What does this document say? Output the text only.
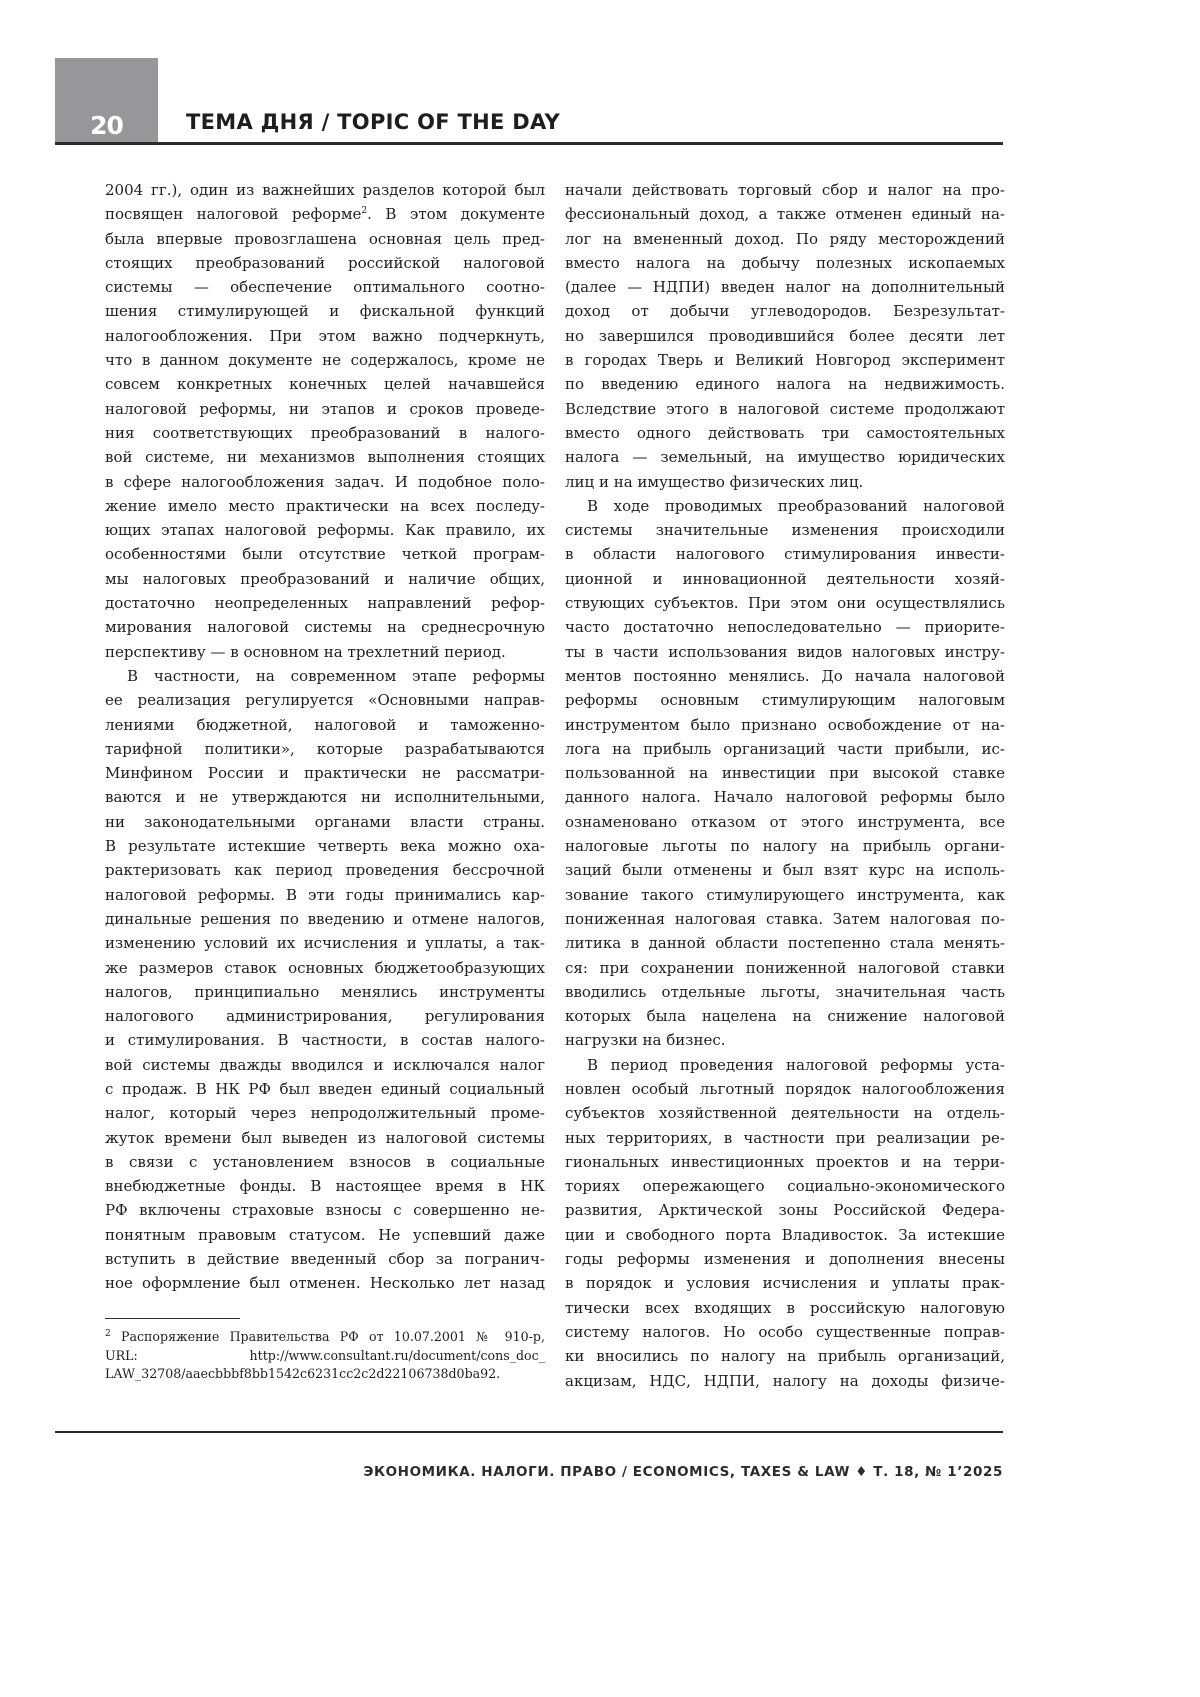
20	ТЕМА ДНЯ / TOPIC OF THE DAY
2004 гг.), один из важнейших разделов которой был
посвящен налоговой реформе2. В этом документе
была впервые провозглашена основная цель пред-
стоящих преобразований российской налоговой
системы — обеспечение оптимального соотно-
шения стимулирующей и фискальной функций
налогообложения. При этом важно подчеркнуть,
что в данном документе не содержалось, кроме не
совсем конкретных конечных целей начавшейся
налоговой реформы, ни этапов и сроков проведе-
ния соответствующих преобразований в налого-
вой системе, ни механизмов выполнения стоящих
в сфере налогообложения задач. И подобное поло-
жение имело место практически на всех последу-
ющих этапах налоговой реформы. Как правило, их
особенностями были отсутствие четкой програм-
мы налоговых преобразований и наличие общих,
достаточно неопределенных направлений рефор-
мирования налоговой системы на среднесрочную
перспективу — в основном на трехлетний период.
В частности, на современном этапе реформы
ее реализация регулируется «Основными направ-
лениями бюджетной, налоговой и таможенно-
тарифной политики», которые разрабатываются
Минфином России и практически не рассматри-
ваются и не утверждаются ни исполнительными,
ни законодательными органами власти страны.
В результате истекшие четверть века можно оха-
рактеризовать как период проведения бессрочной
налоговой реформы. В эти годы принимались кар-
динальные решения по введению и отмене налогов,
изменению условий их исчисления и уплаты, а так-
же размеров ставок основных бюджетообразующих
налогов, принципиально менялись инструменты
налогового администрирования, регулирования
и стимулирования. В частности, в состав налого-
вой системы дважды вводился и исключался налог
с продаж. В НК РФ был введен единый социальный
налог, который через непродолжительный проме-
жуток времени был выведен из налоговой системы
в связи с установлением взносов в социальные
внебюджетные фонды. В настоящее время в НК
РФ включены страховые взносы с совершенно не-
понятным правовым статусом. Не успевший даже
вступить в действие введенный сбор за погранич-
ное оформление был отменен. Несколько лет назад
начали действовать торговый сбор и налог на про-
фессиональный доход, а также отменен единый на-
лог на вмененный доход. По ряду месторождений
вместо налога на добычу полезных ископаемых
(далее — НДПИ) введен налог на дополнительный
доход от добычи углеводородов. Безрезультат-
но завершился проводившийся более десяти лет
в городах Тверь и Великий Новгород эксперимент
по введению единого налога на недвижимость.
Вследствие этого в налоговой системе продолжают
вместо одного действовать три самостоятельных
налога — земельный, на имущество юридических
лиц и на имущество физических лиц.
В ходе проводимых преобразований налоговой
системы значительные изменения происходили
в области налогового стимулирования инвести-
ционной и инновационной деятельности хозяй-
ствующих субъектов. При этом они осуществлялись
часто достаточно непоследовательно — приорите-
ты в части использования видов налоговых инстру-
ментов постоянно менялись. До начала налоговой
реформы основным стимулирующим налоговым
инструментом было признано освобождение от на-
лога на прибыль организаций части прибыли, ис-
пользованной на инвестиции при высокой ставке
данного налога. Начало налоговой реформы было
ознаменовано отказом от этого инструмента, все
налоговые льготы по налогу на прибыль органи-
заций были отменены и был взят курс на исполь-
зование такого стимулирующего инструмента, как
пониженная налоговая ставка. Затем налоговая по-
литика в данной области постепенно стала менять-
ся: при сохранении пониженной налоговой ставки
вводились отдельные льготы, значительная часть
которых была нацелена на снижение налоговой
нагрузки на бизнес.
В период проведения налоговой реформы уста-
новлен особый льготный порядок налогообложения
субъектов хозяйственной деятельности на отдель-
ных территориях, в частности при реализации ре-
гиональных инвестиционных проектов и на терри-
ториях опережающего социально-экономического
развития, Арктической зоны Российской Федера-
ции и свободного порта Владивосток. За истекшие
годы реформы изменения и дополнения внесены
в порядок и условия исчисления и уплаты прак-
тически всех входящих в российскую налоговую
систему налогов. Но особо существенные поправ-
ки вносились по налогу на прибыль организаций,
акцизам, НДС, НДПИ, налогу на доходы физиче-
2 Распоряжение Правительства РФ от 10.07.2001 № 910-р,
URL: http://www.consultant.ru/document/cons_doc_
LAW_32708/aaecbbbf8bb1542c6231cc2c2d22106738d0ba92.
ЭКОНОМИКА. НАЛОГИ. ПРАВО / ECONOMICS, TAXES & LAW ♦ Т. 18, № 1’2025
